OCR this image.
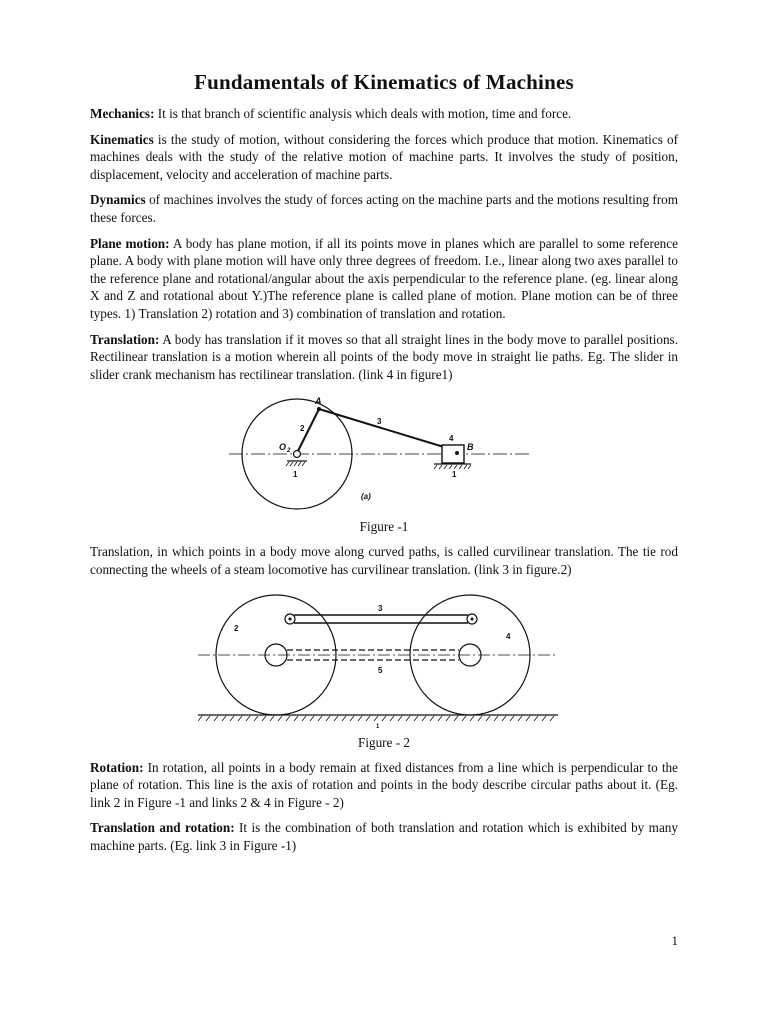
Fundamentals of Kinematics of Machines

Mechanics: It is that branch of scientific analysis which deals with motion, time and force.

Kinematics is the study of motion, without considering the forces which produce that motion. Kinematics of machines deals with the study of the relative motion of machine parts. It involves the study of position, displacement, velocity and acceleration of machine parts.

Dynamics of machines involves the study of forces acting on the machine parts and the motions resulting from these forces.

Plane motion: A body has plane motion, if all its points move in planes which are parallel to some reference plane. A body with plane motion will have only three degrees of freedom. I.e., linear along two axes parallel to the reference plane and rotational/angular about the axis perpendicular to the reference plane. (eg. linear along X and Z and rotational about Y.)The reference plane is called plane of motion. Plane motion can be of three types. 1) Translation 2) rotation and 3) combination of translation and rotation.

Translation: A body has translation if it moves so that all straight lines in the body move to parallel positions. Rectilinear translation is a motion wherein all points of the body move in straight lie paths. Eg. The slider in slider crank mechanism has rectilinear translation. (link 4 in figure1)

A
B
O 2
2
3
4
1	1
(a)
Figure -1

Translation, in which points in a body move along curved paths, is called curvilinear translation. The tie rod connecting the wheels of a steam locomotive has curvilinear translation. (link 3 in figure.2)

2
3
4
5
1
Figure - 2

Rotation: In rotation, all points in a body remain at fixed distances from a line which is perpendicular to the plane of rotation. This line is the axis of rotation and points in the body describe circular paths about it. (Eg. link 2 in Figure -1 and links 2 & 4 in Figure - 2)

Translation and rotation: It is the combination of both translation and rotation which is exhibited by many machine parts. (Eg. link 3 in Figure -1)

1
